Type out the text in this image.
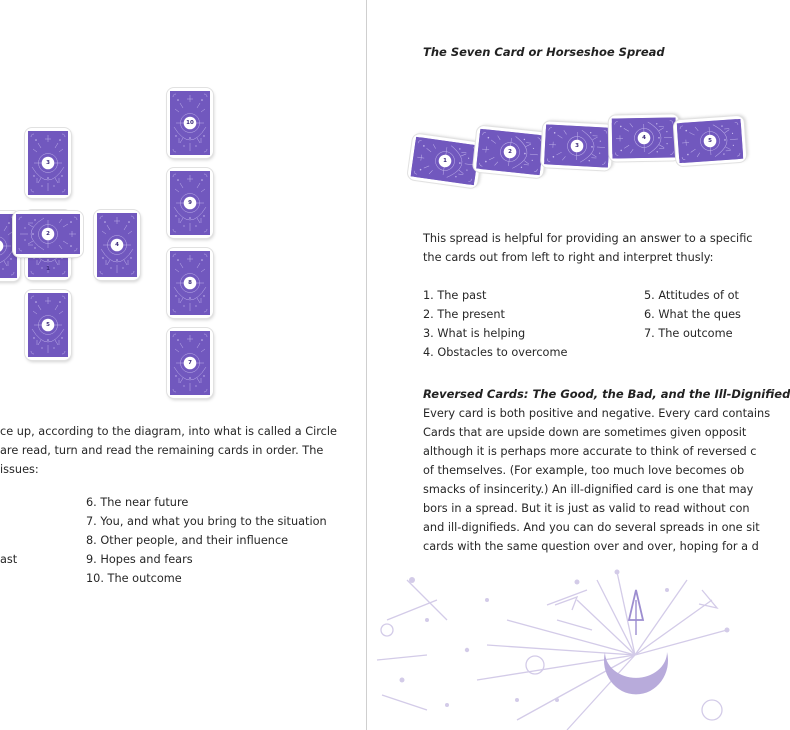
3
1
2
5
4
10
9
8
7
ce up, according to the diagram, into what is called a Circle
are read, turn and read the remaining cards in order. The
issues:
ast
6. The near future
7. You, and what you bring to the situation
8. Other people, and their influence
9. Hopes and fears
10. The outcome
The Seven Card or Horseshoe Spread
1
2
3
4	5
This spread is helpful for providing an answer to a specific
the cards out from left to right and interpret thusly:
1. The past
2. The present
3. What is helping
4. Obstacles to overcome
5. Attitudes of ot
6. What the ques
7. The outcome
Reversed Cards: The Good, the Bad, and the Ill-Dignified
Every card is both positive and negative. Every card contains
Cards that are upside down are sometimes given opposit
although it is perhaps more accurate to think of reversed c
of themselves. (For example, too much love becomes ob
smacks of insincerity.) An ill-dignified card is one that may
bors in a spread. But it is just as valid to read without con
and ill-dignifieds. And you can do several spreads in one sit
cards with the same question over and over, hoping for a d
